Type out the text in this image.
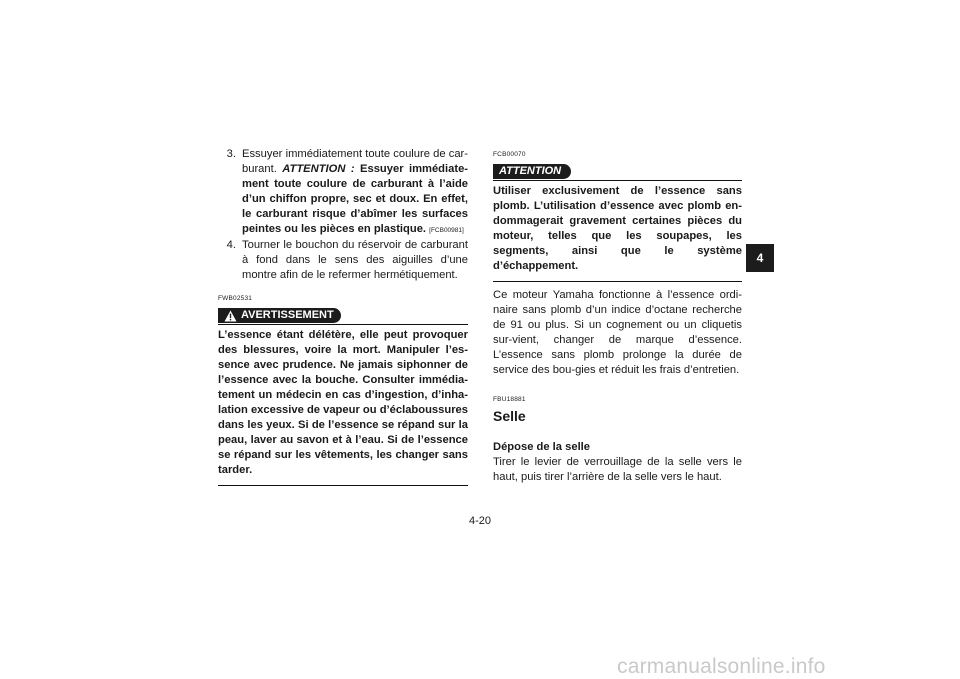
3. Essuyer immédiatement toute coulure de car-burant. ATTENTION : Essuyer immédiate-ment toute coulure de carburant à l’aide d’un chiffon propre, sec et doux. En effet, le carburant risque d’abîmer les surfaces peintes ou les pièces en plastique. [FCB00981]
4. Tourner le bouchon du réservoir de carburant à fond dans le sens des aiguilles d’une montre afin de le refermer hermétiquement.
FWB02531
AVERTISSEMENT
L’essence étant délétère, elle peut provoquer des blessures, voire la mort. Manipuler l’es-sence avec prudence. Ne jamais siphonner de l’essence avec la bouche. Consulter immédia-tement un médecin en cas d’ingestion, d’inha-lation excessive de vapeur ou d’éclaboussures dans les yeux. Si de l’essence se répand sur la peau, laver au savon et à l’eau. Si de l’essence se répand sur les vêtements, les changer sans tarder.
FCB00070
ATTENTION
Utiliser exclusivement de l’essence sans plomb. L’utilisation d’essence avec plomb en-dommagerait gravement certaines pièces du moteur, telles que les soupapes, les segments, ainsi que le système d’échappement.
Ce moteur Yamaha fonctionne à l’essence ordi-naire sans plomb d’un indice d’octane recherche de 91 ou plus. Si un cognement ou un cliquetis sur-vient, changer de marque d’essence. L’essence sans plomb prolonge la durée de service des bou-gies et réduit les frais d’entretien.
FBU18881
Selle
Dépose de la selle
Tirer le levier de verrouillage de la selle vers le haut, puis tirer l’arrière de la selle vers le haut.
4
4-20
carmanualsonline.info
